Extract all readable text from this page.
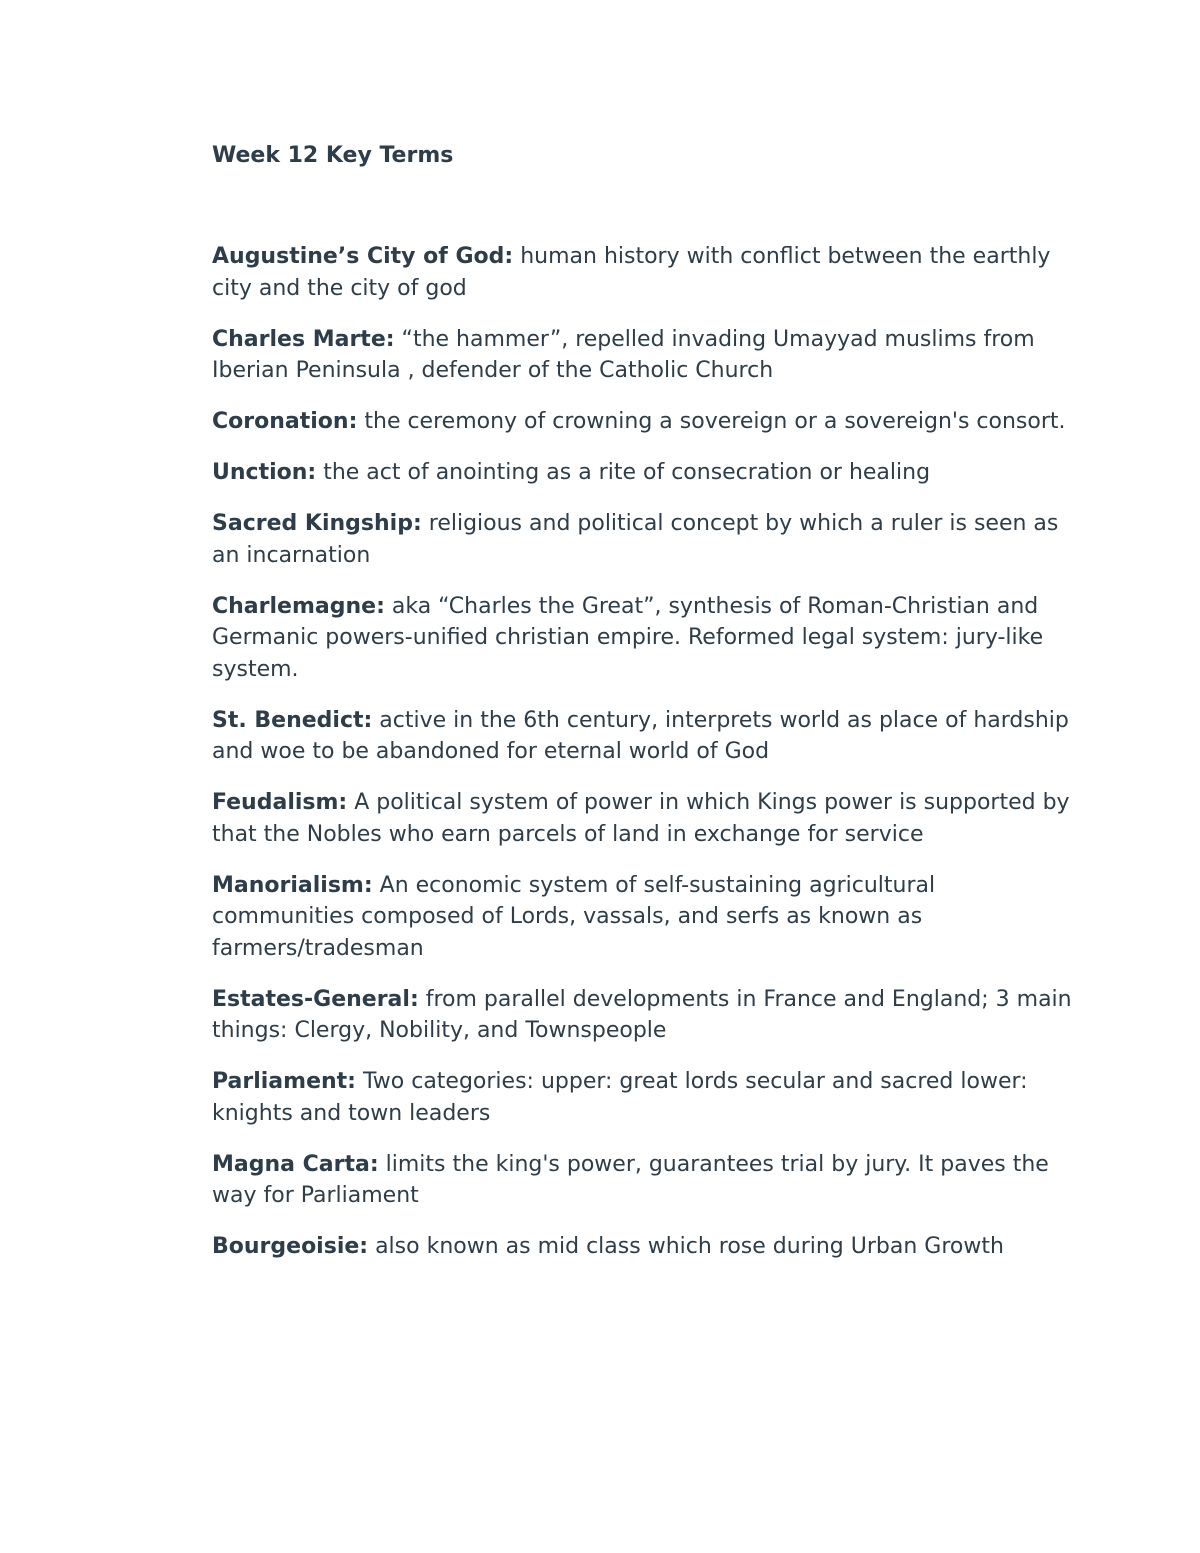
Week 12 Key Terms

Augustine’s City of God: human history with conflict between the earthly city and the city of god

Charles Marte: “the hammer”, repelled invading Umayyad muslims from Iberian Peninsula , defender of the Catholic Church

Coronation: the ceremony of crowning a sovereign or a sovereign's consort.

Unction: the act of anointing as a rite of consecration or healing

Sacred Kingship: religious and political concept by which a ruler is seen as an incarnation

Charlemagne: aka “Charles the Great”, synthesis of Roman-Christian and Germanic powers-unified christian empire. Reformed legal system: jury-like system.

St. Benedict: active in the 6th century, interprets world as place of hardship and woe to be abandoned for eternal world of God

Feudalism: A political system of power in which Kings power is supported by that the Nobles who earn parcels of land in exchange for service

Manorialism: An economic system of self-sustaining agricultural communities composed of Lords, vassals, and serfs as known as farmers/tradesman

Estates-General: from parallel developments in France and England; 3 main things: Clergy, Nobility, and Townspeople

Parliament: Two categories: upper: great lords secular and sacred lower: knights and town leaders

Magna Carta: limits the king's power, guarantees trial by jury. It paves the way for Parliament

Bourgeoisie: also known as mid class which rose during Urban Growth
